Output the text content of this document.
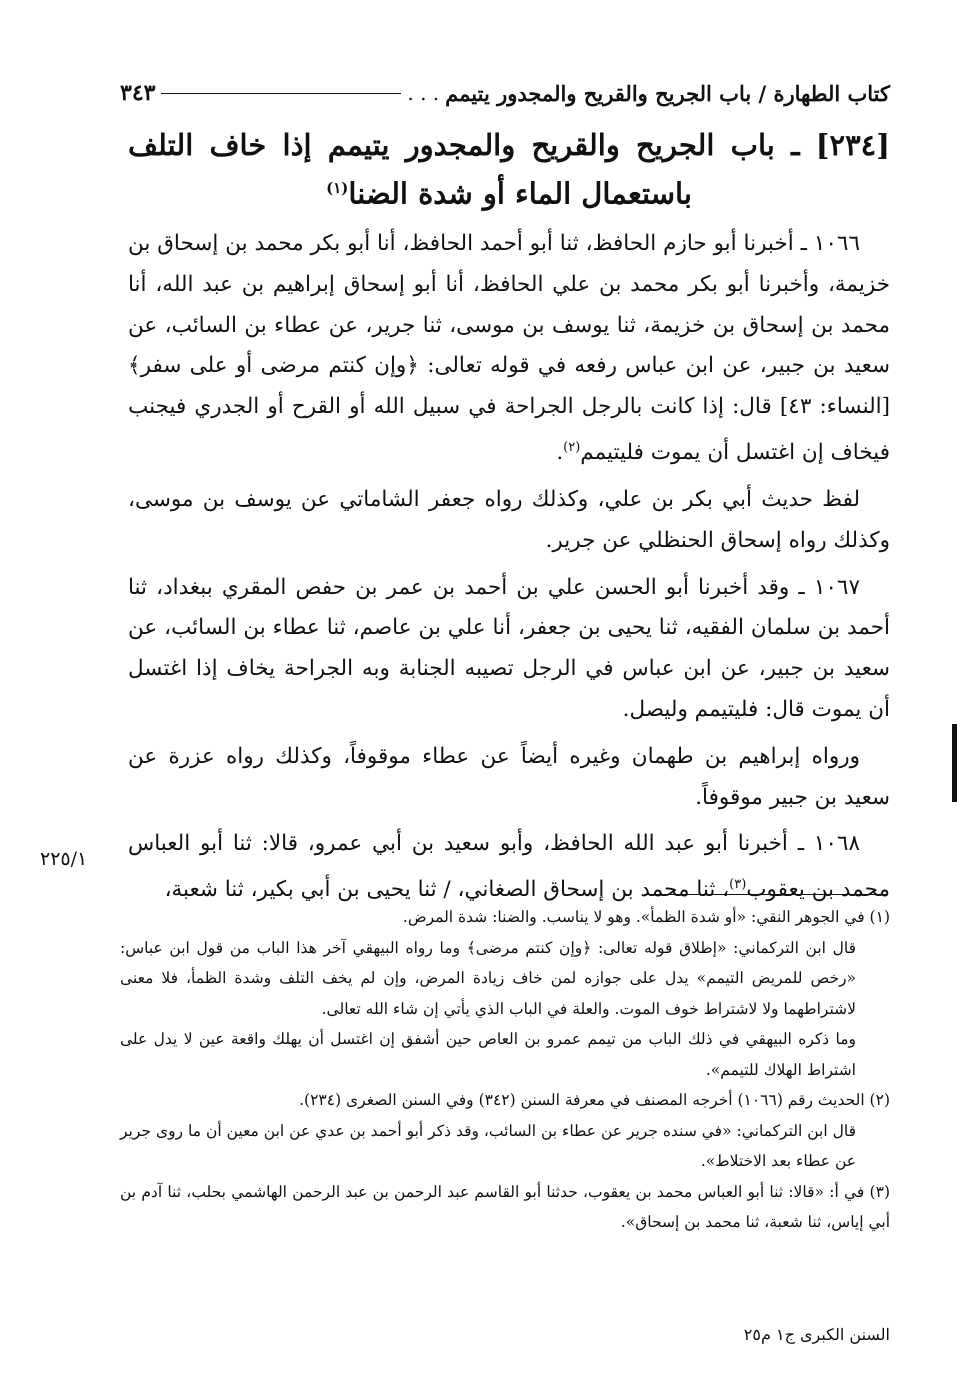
كتاب الطهارة / باب الجريح والقريح والمجدور يتيمم
. . .
٣٤٣
[٢٣٤] ـ باب الجريح والقريح والمجدور يتيمم إذا خاف التلف باستعمال الماء أو شدة الضنا$^{(١)}$

١٠٦٦ ـ أخبرنا أبو حازم الحافظ، ثنا أبو أحمد الحافظ، أنا أبو بكر محمد بن إسحاق بن خزيمة، وأخبرنا أبو بكر محمد بن علي الحافظ، أنا أبو إسحاق إبراهيم بن عبد الله، أنا محمد بن إسحاق بن خزيمة، ثنا يوسف بن موسى، ثنا جرير، عن عطاء بن السائب، عن سعيد بن جبير، عن ابن عباس رفعه في قوله تعالى: ﴿وإن كنتم مرضى أو على سفر﴾ [النساء: ٤٣] قال: إذا كانت بالرجل الجراحة في سبيل الله أو القرح أو الجدري فيجنب فيخاف إن اغتسل أن يموت فليتيمم$^{(٢)}$.

لفظ حديث أبي بكر بن علي، وكذلك رواه جعفر الشاماتي عن يوسف بن موسى، وكذلك رواه إسحاق الحنظلي عن جرير.

١٠٦٧ ـ وقد أخبرنا أبو الحسن علي بن أحمد بن عمر بن حفص المقري ببغداد، ثنا أحمد بن سلمان الفقيه، ثنا يحيى بن جعفر، أنا علي بن عاصم، ثنا عطاء بن السائب، عن سعيد بن جبير، عن ابن عباس في الرجل تصيبه الجنابة وبه الجراحة يخاف إذا اغتسل أن يموت قال: فليتيمم وليصل.

ورواه إبراهيم بن طهمان وغيره أيضاً عن عطاء موقوفاً، وكذلك رواه عزرة عن سعيد بن جبير موقوفاً.

١٠٦٨ ـ أخبرنا أبو عبد الله الحافظ، وأبو سعيد بن أبي عمرو، قالا: ثنا أبو العباس محمد بن يعقوب$^{(٣)}$، ثنا محمد بن إسحاق الصغاني، / ثنا يحيى بن أبي بكير، ثنا شعبة،

٢٢٥/١

(١) في الجوهر النقي: «أو شدة الظمأ». وهو لا يناسب. والضنا: شدة المرض.

قال ابن التركماني: «إطلاق قوله تعالى: ﴿وإن كنتم مرضى﴾ وما رواه البيهقي آخر هذا الباب من قول ابن عباس: «رخص للمريض التيمم» يدل على جوازه لمن خاف زيادة المرض، وإن لم يخف التلف وشدة الظمأ، فلا معنى لاشتراطهما ولا لاشتراط خوف الموت. والعلة في الباب الذي يأتي إن شاء الله تعالى.

وما ذكره البيهقي في ذلك الباب من تيمم عمرو بن العاص حين أشفق إن اغتسل أن يهلك واقعة عين لا يدل على اشتراط الهلاك للتيمم».

(٢) الحديث رقم (١٠٦٦) أخرجه المصنف في معرفة السنن (٣٤٢) وفي السنن الصغرى (٢٣٤).

قال ابن التركماني: «في سنده جرير عن عطاء بن السائب، وقد ذكر أبو أحمد بن عدي عن ابن معين أن ما روى جرير عن عطاء بعد الاختلاط».

(٣) في أ: «قالا: ثنا أبو العباس محمد بن يعقوب، حدثنا أبو القاسم عبد الرحمن بن عبد الرحمن الهاشمي بحلب، ثنا آدم بن أبي إياس، ثنا شعبة، ثنا محمد بن إسحاق».

السنن الكبرى ج١ م٢٥
